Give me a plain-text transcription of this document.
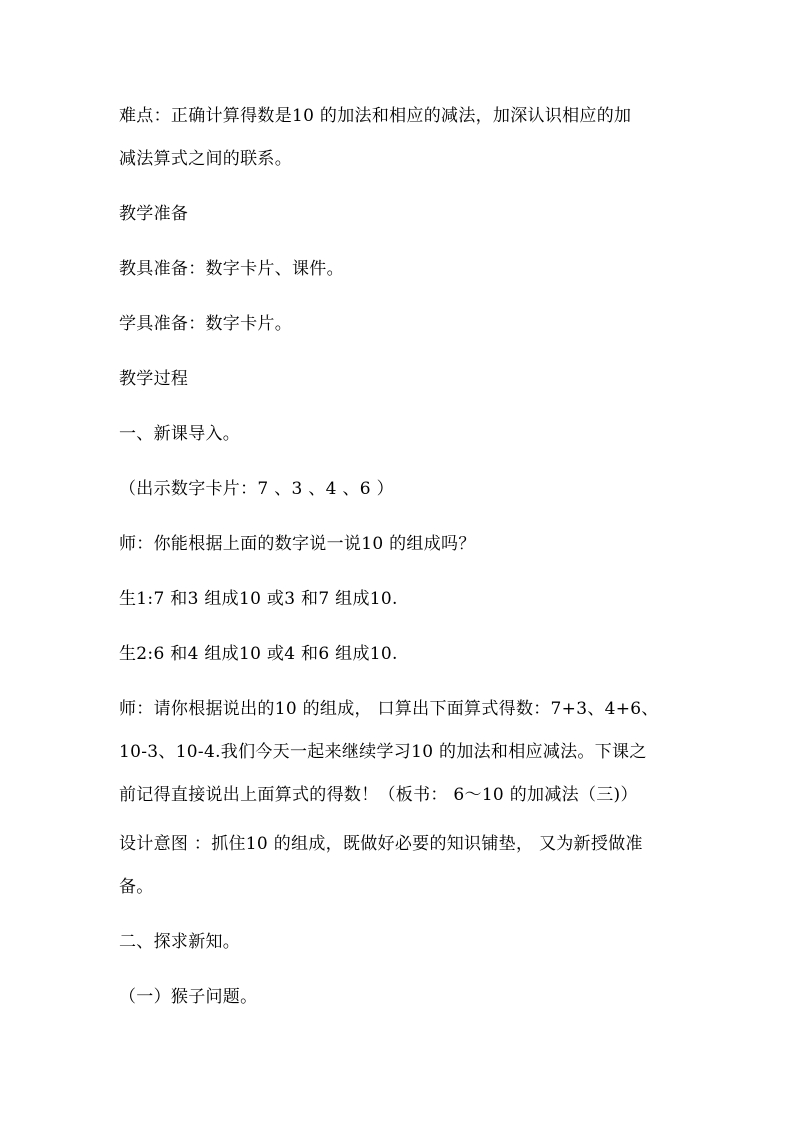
难点：正确计算得数是10 的加法和相应的减法，加深认识相应的加
减法算式之间的联系。
教学准备
教具准备：数字卡片、课件。
学具准备：数字卡片。
教学过程
一、新课导入。
（出示数字卡片：7 、3 、4 、6 ）
师：你能根据上面的数字说一说10 的组成吗？
生1:7 和3 组成10 或3 和7 组成10.
生2:6 和4 组成10 或4 和6 组成10.
师：请你根据说出的10 的组成， 口算出下面算式得数：7+3、4+6、
10-3、10-4.我们今天一起来继续学习10 的加法和相应减法。下课之
前记得直接说出上面算式的得数！（板书： 6～10 的加减法（三)）
设计意图 ：抓住10 的组成，既做好必要的知识铺垫， 又为新授做准
备。
二、探求新知。
（一）猴子问题。
